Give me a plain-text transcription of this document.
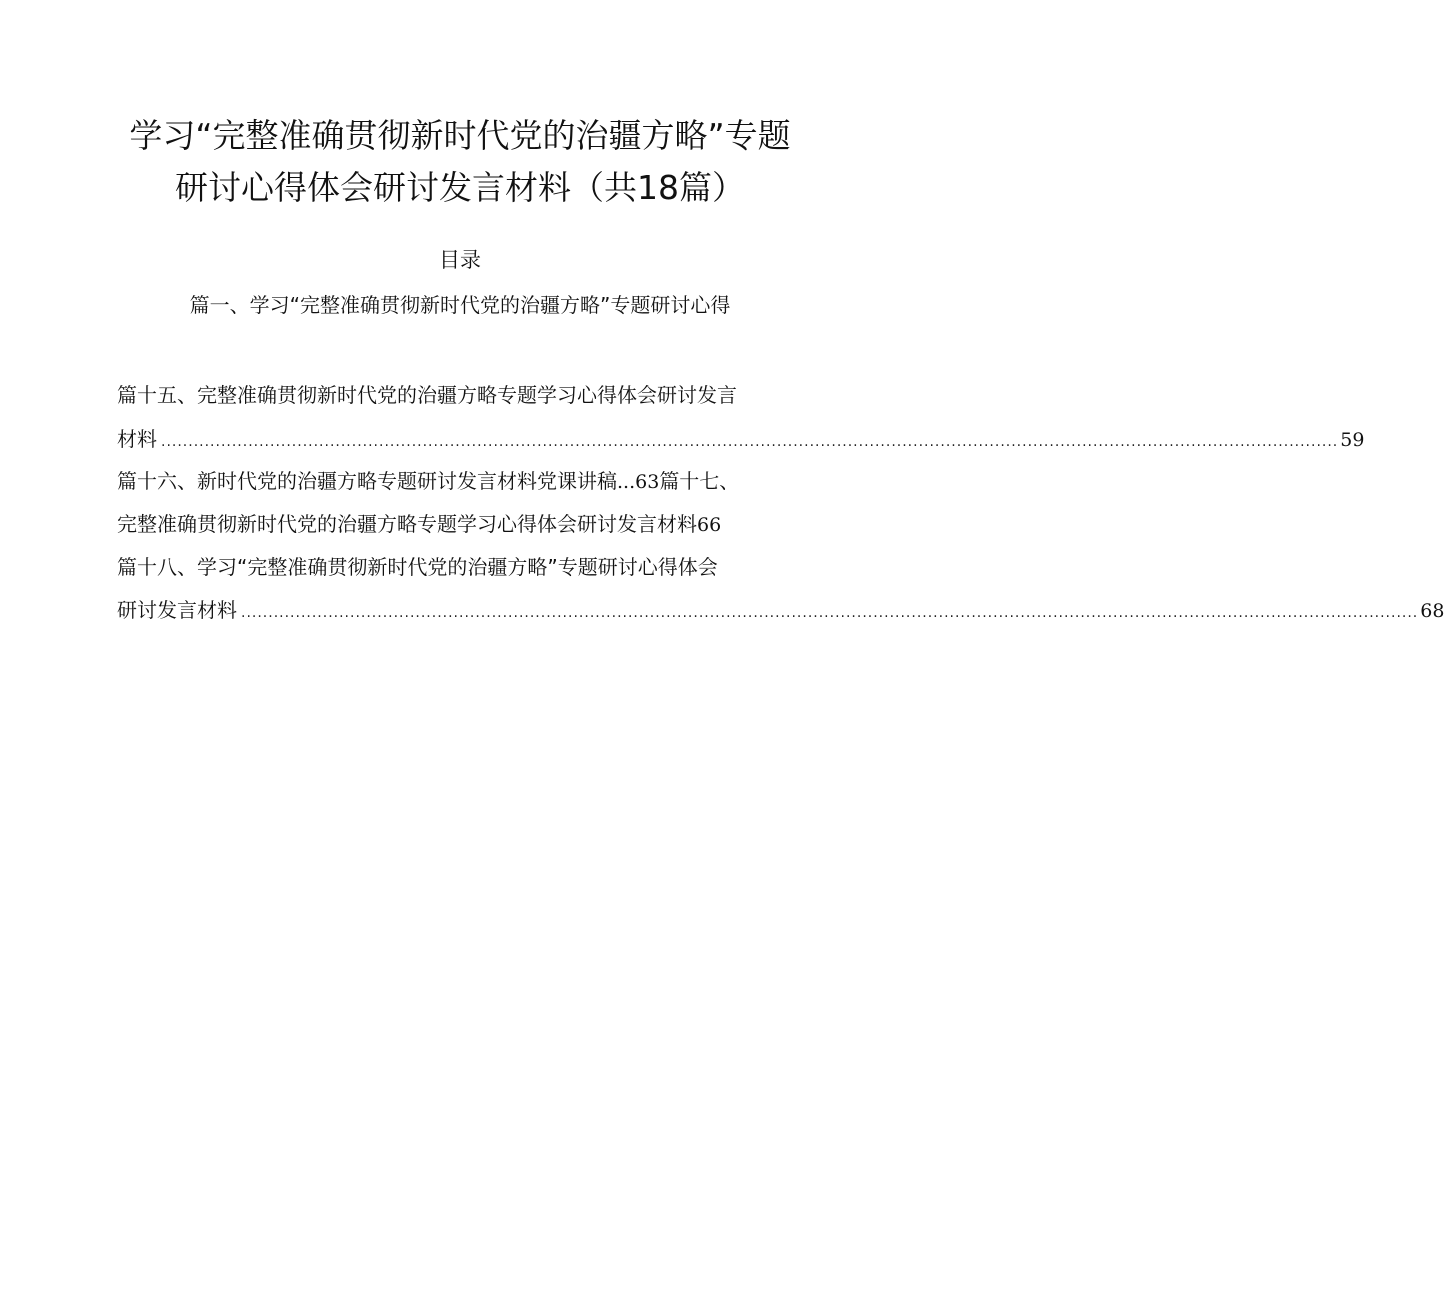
学习“完整准确贯彻新时代党的治疆方略”专题
研讨心得体会研讨发言材料（共18篇）
目录
篇一、学习“完整准确贯彻新时代党的治疆方略”专题研讨心得
篇十五、完整准确贯彻新时代党的治疆方略专题学习心得体会研讨发言
材料 ........................................................................................................................................................................................................................ 59
篇十六、新时代党的治疆方略专题研讨发言材料党课讲稿 ... 63 篇十七、
完整准确贯彻新时代党的治疆方略专题学习心得体会研讨发言材料 66
篇十八、学习“完整准确贯彻新时代党的治疆方略”专题研讨心得体会
研讨发言材料 ........................................................................................................................................................................................................................ 68
